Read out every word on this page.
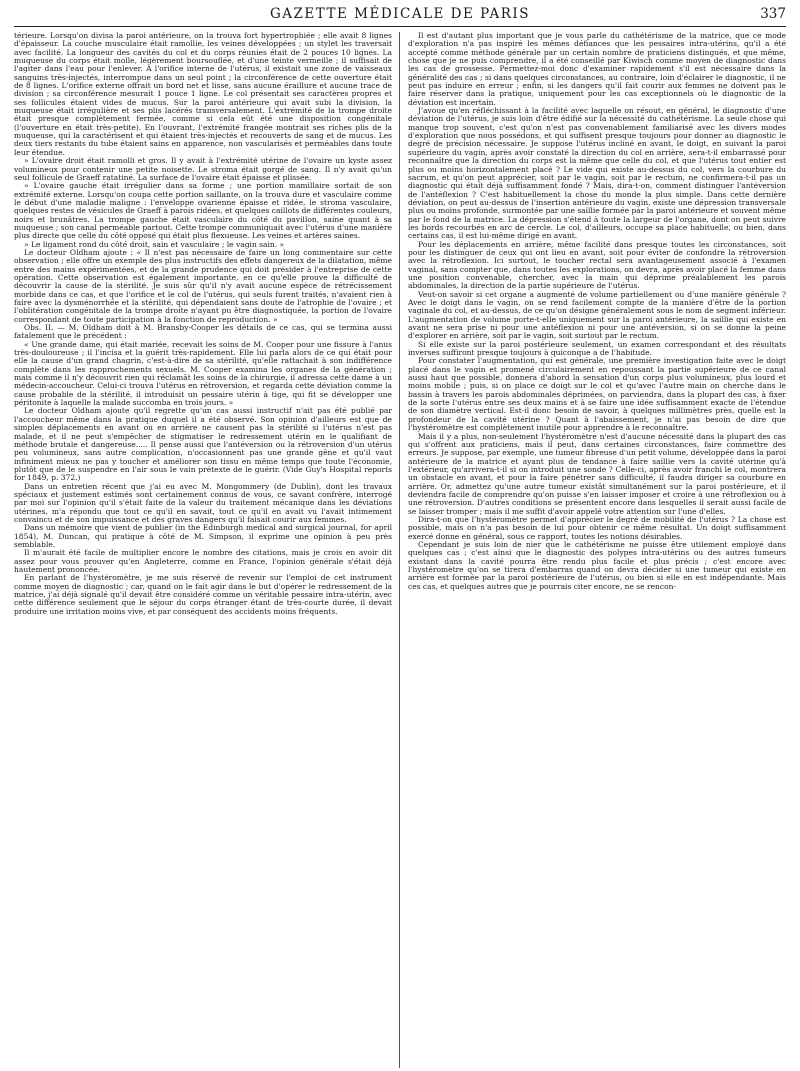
GAZETTE MÉDICALE DE PARIS	337

térieure. Lorsqu'on divisa la paroi antérieure, on la trouva fort hypertrophiée ; elle avait 8 lignes d'épaisseur. La couche musculaire était ramollie, les veines développées ; un stylet les traversait avec facilité. La longueur des cavités du col et du corps réunies était de 2 pouces 10 lignes. La muqueuse du corps était molle, légèrement boursouflée, et d'une teinte vermeille ; il suffisait de l'agiter dans l'eau pour l'enlever. A l'orifice interne de l'utérus, il existait une zone de vaisseaux sanguins très-injectés, interrompue dans un seul point ; la circonférence de cette ouverture était de 8 lignes. L'orifice externe offrait un bord net et lisse, sans aucune éraillure et aucune trace de division ; sa circonférence mesurait 1 pouce 1 ligne. Le col présentait ses caractères propres et ses follicules étaient vides de mucus. Sur la paroi antérieure qui avait subi la division, la muqueuse était irrégulière et ses plis lacérés transversalement. L'extrémité de la trompe droite était presque complètement fermée, comme si cela eût été une disposition congénitale (l'ouverture en était très-petite). En l'ouvrant, l'extrémité frangée montrait ses riches plis de la muqueuse, qui la caractérisent et qui étaient très-injectés et recouverts de sang et de mucus. Les deux tiers restants du tube étaient sains en apparence, non vascularisés et perméables dans toute leur étendue.

» L'ovaire droit était ramolli et gros. Il y avait à l'extrémité utérine de l'ovaire un kyste assez volumineux pour contenir une petite noisette. Le stroma était gorgé de sang. Il n'y avait qu'un seul follicule de Graeff ratatiné. La surface de l'ovaire était épaisse et plissée.

» L'ovaire gauche était irrégulier dans sa forme ; une portion mamillaire sortait de son extrémité externe. Lorsqu'on coupa cette portion saillante, on la trouva dure et vasculaire comme le début d'une maladie maligne : l'enveloppe ovarienne épaisse et ridée, le stroma vasculaire, quelques restes de vésicules de Graeff à parois ridées, et quelques caillots de différentes couleurs, noirs et brunâtres. La trompe gauche était vasculaire du côté du pavillon, saine quant à sa muqueuse ; son canal perméable partout. Cette trompe communiquait avec l'utérus d'une manière plus directe que celle du côté opposé qui était plus flexueuse. Les veines et artères saines.

» Le ligament rond du côté droit, sain et vasculaire ; le vagin sain. »

Le docteur Oldham ajoute : « Il n'est pas nécessaire de faire un long commentaire sur cette observation ; elle offre un exemple des plus instructifs des effets dangereux de la dilatation, même entre des mains expérimentées, et de la grande prudence qui doit présider à l'entreprise de cette opération. Cette observation est également importante, en ce qu'elle prouve la difficulté de découvrir la cause de la stérilité. Je suis sûr qu'il n'y avait aucune espèce de rétrécissement morbide dans ce cas, et que l'orifice et le col de l'utérus, qui seuls furent traités, n'avaient rien à faire avec la dysménorrhée et la stérilité, qui dépendaient sans doute de l'atrophie de l'ovaire ; et l'oblitération congénitale de la trompe droite n'ayant pu être diagnostiquée, la portion de l'ovaire correspondant de toute participation à la fonction de reproduction. »

Obs. II. — M. Oldham doit à M. Bransby-Cooper les détails de ce cas, qui se termina aussi fatalement que le précédent :

« Une grande dame, qui était mariée, recevait les soins de M. Cooper pour une fissure à l'anus très-douloureuse ; il l'incisa et la guérit très-rapidement. Elle lui parla alors de ce qui était pour elle la cause d'un grand chagrin, c'est-à-dire de sa stérilité, qu'elle rattachait à son indifférence complète dans les rapprochements sexuels. M. Cooper examina les organes de la génération ; mais comme il n'y découvrit rien qui réclamât les soins de la chirurgie, il adressa cette dame à un médecin-accoucheur. Celui-ci trouva l'utérus en rétroversion, et regarda cette déviation comme la cause probable de la stérilité, il introduisit un pessaire utérin à tige, qui fit se développer une péritonite à laquelle la malade succomba en trois jours. »

Le docteur Oldham ajoute qu'il regrette qu'un cas aussi instructif n'ait pas été publié par l'accoucheur même dans la pratique duquel il a été observé. Son opinion d'ailleurs est que de simples déplacements en avant ou en arrière ne causent pas la stérilité si l'utérus n'est pas malade, et il ne peut s'empêcher de stigmatiser le redressement utérin en le qualifiant de méthode brutale et dangereuse..... Il pense aussi que l'antéversion ou la rétroversion d'un utérus peu volumineux, sans autre complication, n'occasionnent pas une grande gêne et qu'il vaut infiniment mieux ne pas y toucher et améliorer son tissu en même temps que toute l'économie, plutôt que de le suspendre en l'air sous le vain prétexte de le guérir. (Vide Guy's Hospital reports for 1849, p. 372.)

Dans un entretien récent que j'ai eu avec M. Mongommery (de Dublin), dont les travaux spéciaux et justement estimés sont certainement connus de vous, ce savant confrère, interrogé par moi sur l'opinion qu'il s'était faite de la valeur du traitement mécanique dans les déviations utérines, m'a répondu que tout ce qu'il en savait, tout ce qu'il en avait vu l'avait intimement convaincu et de son impuissance et des graves dangers qu'il faisait courir aux femmes.

Dans un mémoire que vient de publier (in the Edinburgh medical and surgical journal, for april 1854), M. Duncan, qui pratique à côté de M. Simpson, il exprime une opinion à peu près semblable.

Il m'aurait été facile de multiplier encore le nombre des citations, mais je crois en avoir dit assez pour vous prouver qu'en Angleterre, comme en France, l'opinion générale s'était déjà hautement prononcée.

En parlant de l'hystéromètre, je me suis réservé de revenir sur l'emploi de cet instrument comme moyen de diagnostic ; car, quand on le fait agir dans le but d'opérer le redressement de la matrice, j'ai déjà signalé qu'il devait être considéré comme un véritable pessaire intra-utérin, avec cette différence seulement que le séjour du corps étranger étant de très-courte durée, il devait produire une irritation moins vive, et par conséquent des accidents moins fréquents.

Il est d'autant plus important que je vous parle du cathétérisme de la matrice, que ce mode d'exploration n'a pas inspiré les mêmes défiances que les pessaires intra-utérins, qu'il a été accepté comme méthode générale par un certain nombre de praticiens distingués, et que même, chose que je ne puis comprendre, il a été conseillé par Kiwisch comme moyen de diagnostic dans les cas de grossesse. Permettez-moi donc d'examiner rapidement s'il est nécessaire dans la généralité des cas ; si dans quelques circonstances, au contraire, loin d'éclairer le diagnostic, il ne peut pas induire en erreur ; enfin, si les dangers qu'il fait courir aux femmes ne doivent pas le faire réserver dans la pratique, uniquement pour les cas exceptionnels où le diagnostic de la déviation est incertain.

J'avoue qu'en réfléchissant à la facilité avec laquelle on résout, en général, le diagnostic d'une déviation de l'utérus, je suis loin d'être édifié sur la nécessité du cathétérisme. La seule chose qui manque trop souvent, c'est qu'on n'est pas convenablement familiarisé avec les divers modes d'exploration que nous possédons, et qui suffisent presque toujours pour donner au diagnostic le degré de précision nécessaire. Je suppose l'utérus incliné en avant, le doigt, en suivant la paroi supérieure du vagin, après avoir constaté la direction du col en arrière, sera-t-il embarrassé pour reconnaître que la direction du corps est la même que celle du col, et que l'utérus tout entier est plus ou moins horizontalement placé ? Le vide qui existe au-dessus du col, vers la courbure du sacrum, et qu'on peut apprécier, soit par le vagin, soit par le rectum, ne confirmera-t-il pas un diagnostic qui était déjà suffisamment fondé ? Mais, dira-t-on, comment distinguer l'antéversion de l'antéflexion ? C'est habituellement la chose du monde la plus simple. Dans cette dernière déviation, on peut au-dessus de l'insertion antérieure du vagin, existe une dépression transversale plus ou moins profonde, surmontée par une saillie formée par la paroi antérieure et souvent même par le fond de la matrice. La dépression s'étend à toute la largeur de l'organe, dont on peut suivre les bords recourbés en arc de cercle. Le col, d'ailleurs, occupe sa place habituelle, ou bien, dans certains cas, il est lui-même dirigé en avant.

Pour les déplacements en arrière, même facilité dans presque toutes les circonstances, soit pour les distinguer de ceux qui ont lieu en avant, soit pour éviter de confondre la rétroversion avec la rétroflexion. Ici surtout, le toucher rectal sera avantageusement associé à l'examen vaginal, sans compter que, dans toutes les explorations, on devra, après avoir placé la femme dans une position convenable, chercher, avec la main qui déprime préalablement les parois abdominales, la direction de la partie supérieure de l'utérus.

Veut-on savoir si cet organe a augmenté de volume partiellement ou d'une manière générale ? Avec le doigt dans le vagin, on se rend facilement compte de la manière d'être de la portion vaginale du col, et au-dessus, de ce qu'on désigne généralement sous le nom de segment inférieur. L'augmentation de volume porte-t-elle uniquement sur la paroi antérieure, la saillie qui existe en avant ne sera prise ni pour une antéflexion ni pour une antéversion, si on se donne la peine d'explorer en arrière, soit par le vagin, soit surtout par le rectum.

Si elle existe sur la paroi postérieure seulement, un examen correspondant et des résultats inverses suffiront presque toujours à quiconque a de l'habitude.

Pour constater l'augmentation, qui est générale, une première investigation faite avec le doigt placé dans le vagin et promené circulairement en repoussant la partie supérieure de ce canal aussi haut que possible, donnera d'abord la sensation d'un corps plus volumineux, plus lourd et moins mobile ; puis, si on place ce doigt sur le col et qu'avec l'autre main on cherche dans le bassin à travers les parois abdominales déprimées, on parviendra, dans la plupart des cas, à fixer de la sorte l'utérus entre ses deux mains et à se faire une idée suffisamment exacte de l'étendue de son diamètre vertical. Est-il donc besoin de savoir, à quelques millimètres près, quelle est la profondeur de la cavité utérine ? Quant à l'abaissement, je n'ai pas besoin de dire que l'hystéromètre est complètement inutile pour apprendre à le reconnaître.

Mais il y a plus, non-seulement l'hystéromètre n'est d'aucune nécessité dans la plupart des cas qui s'offrent aux praticiens, mais il peut, dans certaines circonstances, faire commettre des erreurs. Je suppose, par exemple, une tumeur fibreuse d'un petit volume, développée dans la paroi antérieure de la matrice et ayant plus de tendance à faire saillie vers la cavité utérine qu'à l'extérieur, qu'arrivera-t-il si on introduit une sonde ? Celle-ci, après avoir franchi le col, montrera un obstacle en avant, et pour la faire pénétrer sans difficulté, il faudra diriger sa courbure en arrière. Or, admettez qu'une autre tumeur existât simultanément sur la paroi postérieure, et il deviendra facile de comprendre qu'on puisse s'en laisser imposer et croire à une rétroflexion ou à une rétroversion. D'autres conditions se présentent encore dans lesquelles il serait aussi facile de se laisser tromper ; mais il me suffit d'avoir appelé votre attention sur l'une d'elles.

Dira-t-on que l'hystéromètre permet d'apprécier le degré de mobilité de l'utérus ? La chose est possible, mais on n'a pas besoin de lui pour obtenir ce même résultat. Un doigt suffisamment exercé donne en général, sous ce rapport, toutes les notions désirables.

Cependant je suis loin de nier que le cathétérisme ne puisse être utilement employé dans quelques cas ; c'est ainsi que le diagnostic des polypes intra-utérins ou des autres tumeurs existant dans la cavité pourra être rendu plus facile et plus précis ; c'est encore avec l'hystéromètre qu'on se tirera d'embarras quand on devra décider si une tumeur qui existe en arrière est formée par la paroi postérieure de l'utérus, ou bien si elle en est indépendante. Mais ces cas, et quelques autres que je pourrais citer encore, ne se rencon-
